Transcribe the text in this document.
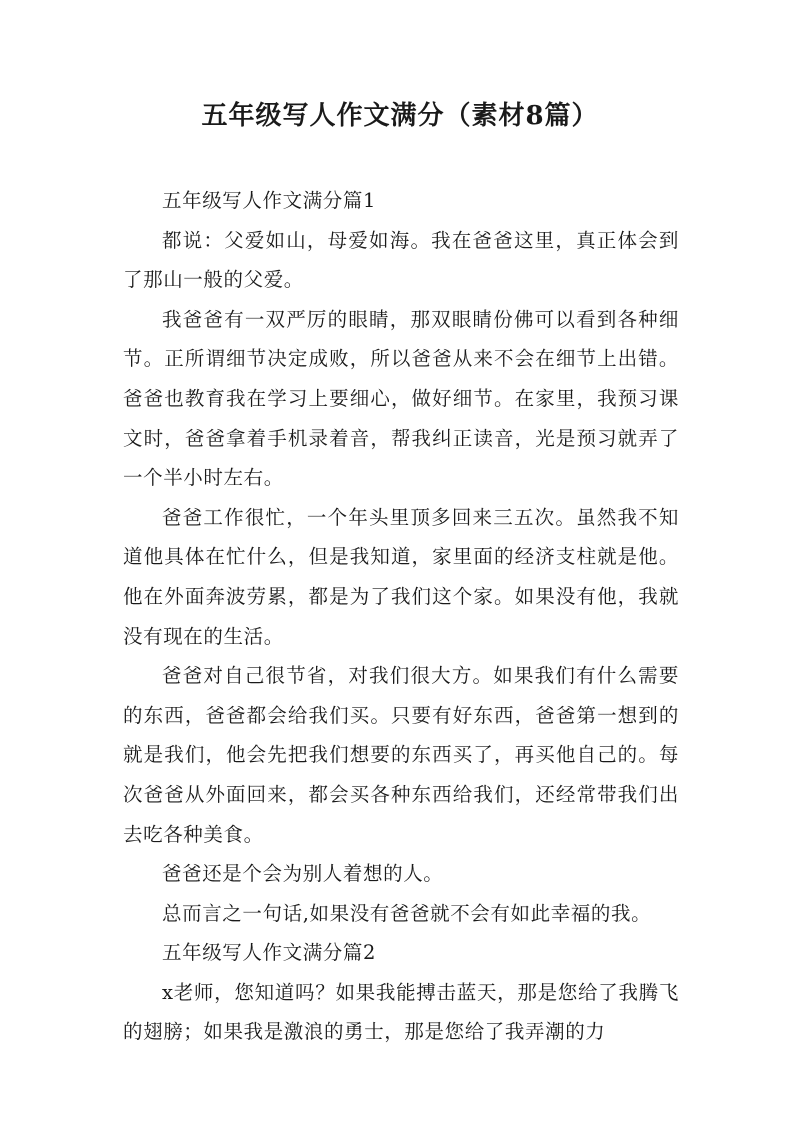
五年级写人作文满分（素材8篇）

五年级写人作文满分篇1

都说：父爱如山，母爱如海。我在爸爸这里，真正体会到了那山一般的父爱。

我爸爸有一双严厉的眼睛，那双眼睛份佛可以看到各种细节。正所谓细节决定成败，所以爸爸从来不会在细节上出错。爸爸也教育我在学习上要细心，做好细节。在家里，我预习课文时，爸爸拿着手机录着音，帮我纠正读音，光是预习就弄了一个半小时左右。

爸爸工作很忙，一个年头里顶多回来三五次。虽然我不知道他具体在忙什么，但是我知道，家里面的经济支柱就是他。他在外面奔波劳累，都是为了我们这个家。如果没有他，我就没有现在的生活。

爸爸对自己很节省，对我们很大方。如果我们有什么需要的东西，爸爸都会给我们买。只要有好东西，爸爸第一想到的就是我们，他会先把我们想要的东西买了，再买他自己的。每次爸爸从外面回来，都会买各种东西给我们，还经常带我们出去吃各种美食。

爸爸还是个会为别人着想的人。

总而言之一句话,如果没有爸爸就不会有如此幸福的我。

五年级写人作文满分篇2

x老师，您知道吗？如果我能搏击蓝天，那是您给了我腾飞的翅膀；如果我是激浪的勇士，那是您给了我弄潮的力
